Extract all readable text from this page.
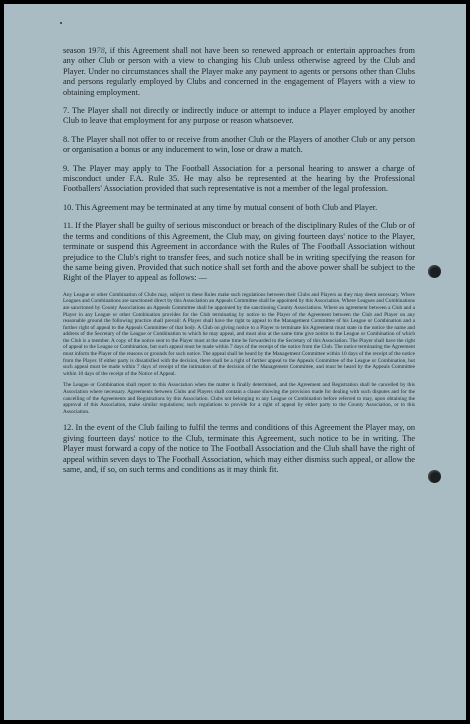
season 1978, if this Agreement shall not have been so renewed approach or entertain approaches from any other Club or person with a view to changing his Club unless otherwise agreed by the Club and Player. Under no circumstances shall the Player make any payment to agents or persons other than Clubs and persons regularly employed by Clubs and concerned in the engagement of Players with a view to obtaining employment.

7. The Player shall not directly or indirectly induce or attempt to induce a Player employed by another Club to leave that employment for any purpose or reason whatsoever.

8. The Player shall not offer to or receive from another Club or the Players of another Club or any person or organisation a bonus or any inducement to win, lose or draw a match.

9. The Player may apply to The Football Association for a personal hearing to answer a charge of misconduct under F.A. Rule 35. He may also be represented at the hearing by the Professional Footballers' Association provided that such representative is not a member of the legal profession.

10. This Agreement may be terminated at any time by mutual consent of both Club and Player.

11. If the Player shall be guilty of serious misconduct or breach of the disciplinary Rules of the Club or of the terms and conditions of this Agreement, the Club may, on giving fourteen days' notice to the Player, terminate or suspend this Agreement in accordance with the Rules of The Football Association without prejudice to the Club's right to transfer fees, and such notice shall be in writing specifying the reason for the same being given. Provided that such notice shall set forth and the above power shall be subject to the Right of the Player to appeal as follows: —

Any League or other Combination of Clubs may, subject to these Rules make such regulations between their Clubs and Players as they may deem necessary. Where Leagues and Combinations are sanctioned direct by this Association an Appeals Committee shall be appointed by this Association. Where Leagues and Combinations are sanctioned by County Associations an Appeals Committee shall be appointed by the sanctioning County Associations. Where an agreement between a Club and a Player in any League or other Combination provides for the Club terminating by notice to the Player of the Agreement between the Club and Player on any reasonable ground the following practice shall prevail: A Player shall have the right to appeal to the Management Committee of his League or Combination and a further right of appeal to the Appeals Committee of that body. A Club on giving notice to a Player to terminate his Agreement must state in the notice the name and address of the Secretary of the League or Combination to which he may appeal, and must also at the same time give notice to the League or Combination of which the Club is a member. A copy of the notice sent to the Player must at the same time be forwarded to the Secretary of this Association. The Player shall have the right of appeal to the League or Combination, but such appeal must be made within 7 days of the receipt of the notice from the Club. The notice terminating the Agreement must inform the Player of the reasons or grounds for such notice. The appeal shall be heard by the Management Committee within 10 days of the receipt of the notice from the Player. If either party is dissatisfied with the decision, there shall be a right of further appeal to the Appeals Committee of the League or Combination, but such appeal must be made within 7 days of receipt of the intimation of the decision of the Management Committee, and must be heard by the Appeals Committee within 10 days of the receipt of the Notice of Appeal.

The League or Combination shall report to this Association when the matter is finally determined, and the Agreement and Registration shall be cancelled by this Association where necessary. Agreements between Clubs and Players shall contain a clause showing the provision made for dealing with such disputes and for the cancelling of the Agreements and Registrations by this Association. Clubs not belonging to any League or Combination before referred to may, upon obtaining the approval of this Association, make similar regulations; such regulations to provide for a right of appeal by either party to the County Association, or to this Association.

12. In the event of the Club failing to fulfil the terms and conditions of this Agreement the Player may, on giving fourteen days' notice to the Club, terminate this Agreement, such notice to be in writing. The Player must forward a copy of the notice to The Football Association and the Club shall have the right of appeal within seven days to The Football Association, which may either dismiss such appeal, or allow the same, and, if so, on such terms and conditions as it may think fit.
